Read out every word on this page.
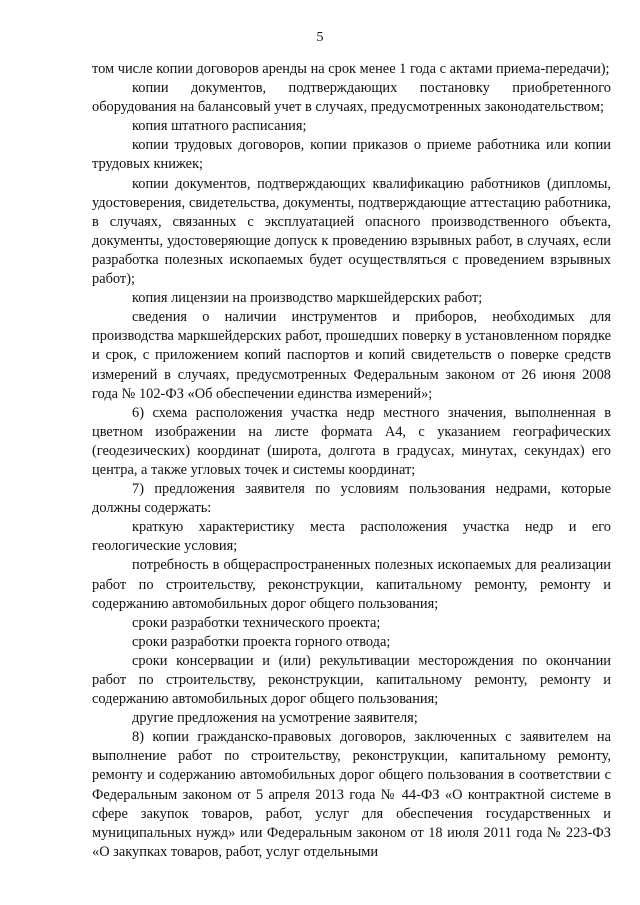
5

том числе копии договоров аренды на срок менее 1 года с актами приема-передачи);

копии документов, подтверждающих постановку приобретенного оборудования на балансовый учет в случаях, предусмотренных законодательством;

копия штатного расписания;

копии трудовых договоров, копии приказов о приеме работника или копии трудовых книжек;

копии документов, подтверждающих квалификацию работников (дипломы, удостоверения, свидетельства, документы, подтверждающие аттестацию работника, в случаях, связанных с эксплуатацией опасного производственного объекта, документы, удостоверяющие допуск к проведению взрывных работ, в случаях, если разработка полезных ископаемых будет осуществляться с проведением взрывных работ);

копия лицензии на производство маркшейдерских работ;

сведения о наличии инструментов и приборов, необходимых для производства маркшейдерских работ, прошедших поверку в установленном порядке и срок, с приложением копий паспортов и копий свидетельств о поверке средств измерений в случаях, предусмотренных Федеральным законом от 26 июня 2008 года № 102-ФЗ «Об обеспечении единства измерений»;

6) схема расположения участка недр местного значения, выполненная в цветном изображении на листе формата А4, с указанием географических (геодезических) координат (широта, долгота в градусах, минутах, секундах) его центра, а также угловых точек и системы координат;

7) предложения заявителя по условиям пользования недрами, которые должны содержать:

краткую характеристику места расположения участка недр и его геологические условия;

потребность в общераспространенных полезных ископаемых для реализации работ по строительству, реконструкции, капитальному ремонту, ремонту и содержанию автомобильных дорог общего пользования;

сроки разработки технического проекта;

сроки разработки проекта горного отвода;

сроки консервации и (или) рекультивации месторождения по окончании работ по строительству, реконструкции, капитальному ремонту, ремонту и содержанию автомобильных дорог общего пользования;

другие предложения на усмотрение заявителя;

8) копии гражданско-правовых договоров, заключенных с заявителем на выполнение работ по строительству, реконструкции, капитальному ремонту, ремонту и содержанию автомобильных дорог общего пользования в соответствии с Федеральным законом от 5 апреля 2013 года № 44-ФЗ «О контрактной системе в сфере закупок товаров, работ, услуг для обеспечения государственных и муниципальных нужд» или Федеральным законом от 18 июля 2011 года № 223-ФЗ «О закупках товаров, работ, услуг отдельными
